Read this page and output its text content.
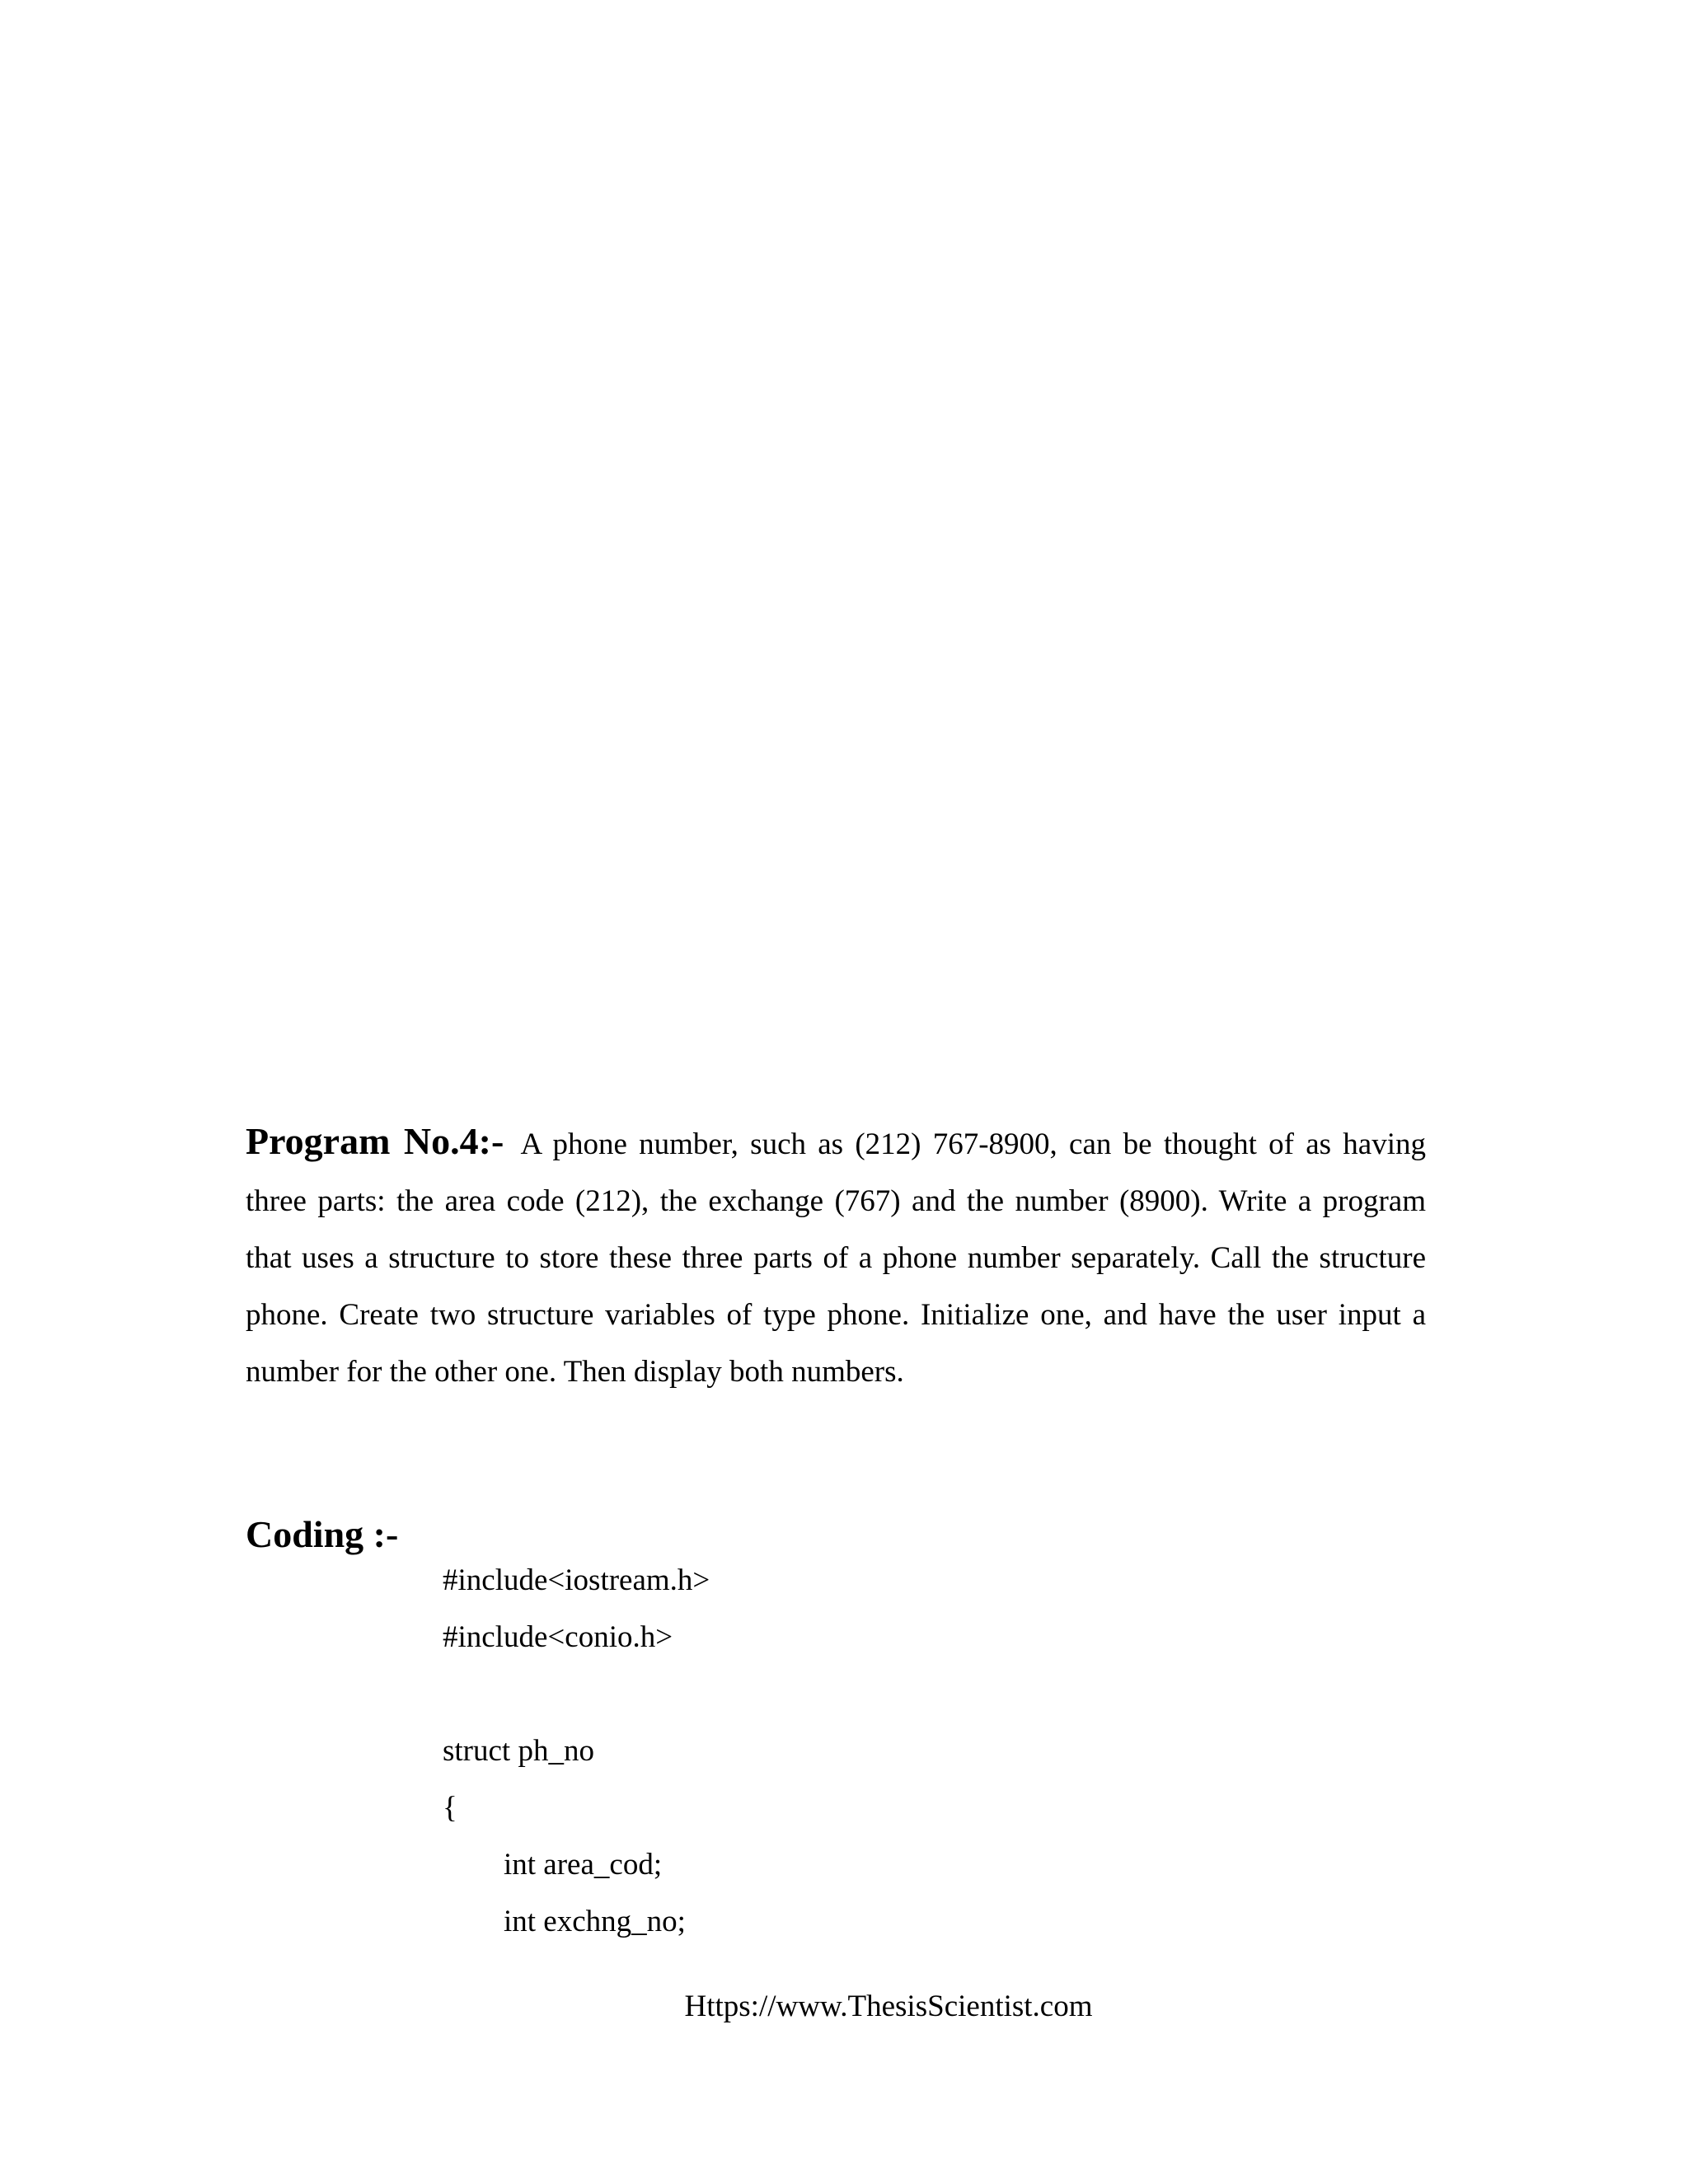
Program No.4:- A phone number, such as (212) 767-8900, can be thought of as having three parts: the area code (212), the exchange (767) and the number (8900). Write a program that uses a structure to store these three parts of a phone number separately. Call the structure phone. Create two structure variables of type phone. Initialize one, and have the user input a number for the other one. Then display both numbers.
Coding :-
#include<iostream.h>
#include<conio.h>
struct ph_no
{
int area_cod;
int exchng_no;
Https://www.ThesisScientist.com
